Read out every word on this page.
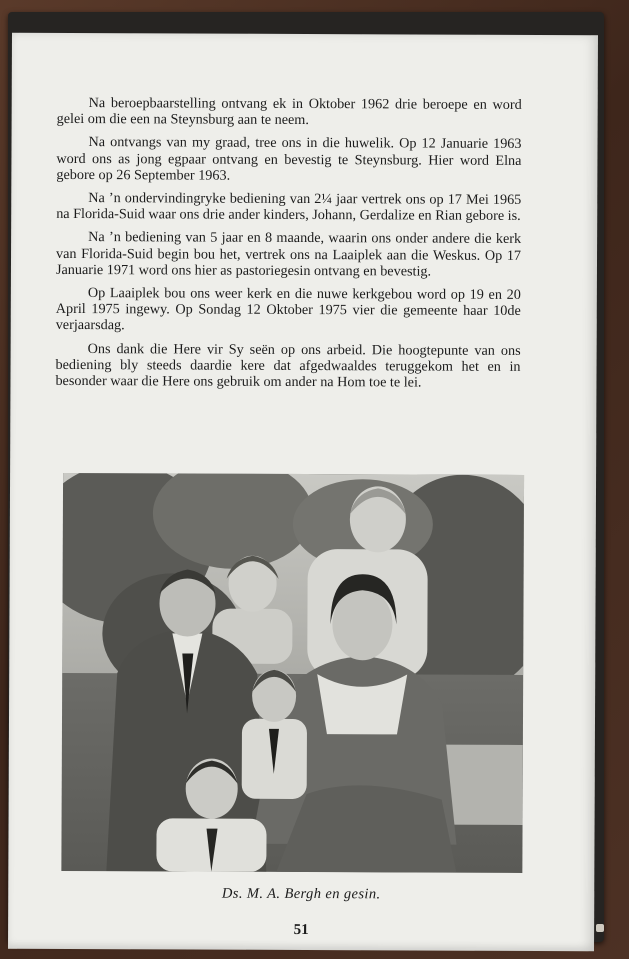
Na beroepbaarstelling ontvang ek in Oktober 1962 drie beroepe en word gelei om die een na Steynsburg aan te neem.

Na ontvangs van my graad, tree ons in die huwelik. Op 12 Januarie 1963 word ons as jong egpaar ontvang en bevestig te Steynsburg. Hier word Elna gebore op 26 September 1963.

Na ’n ondervindingryke bediening van 2¼ jaar vertrek ons op 17 Mei 1965 na Florida-Suid waar ons drie ander kinders, Johann, Gerdalize en Rian gebore is.

Na ’n bediening van 5 jaar en 8 maande, waarin ons onder andere die kerk van Florida-Suid begin bou het, vertrek ons na Laaiplek aan die Weskus. Op 17 Januarie 1971 word ons hier as pastoriegesin ontvang en bevestig.

Op Laaiplek bou ons weer kerk en die nuwe kerkgebou word op 19 en 20 April 1975 ingewy. Op Sondag 12 Oktober 1975 vier die gemeente haar 10de verjaarsdag.

Ons dank die Here vir Sy seën op ons arbeid. Die hoogtepunte van ons bediening bly steeds daardie kere dat afgedwaaldes teruggekom het en in besonder waar die Here ons gebruik om ander na Hom toe te lei.

Ds. M. A. Bergh en gesin.
51
